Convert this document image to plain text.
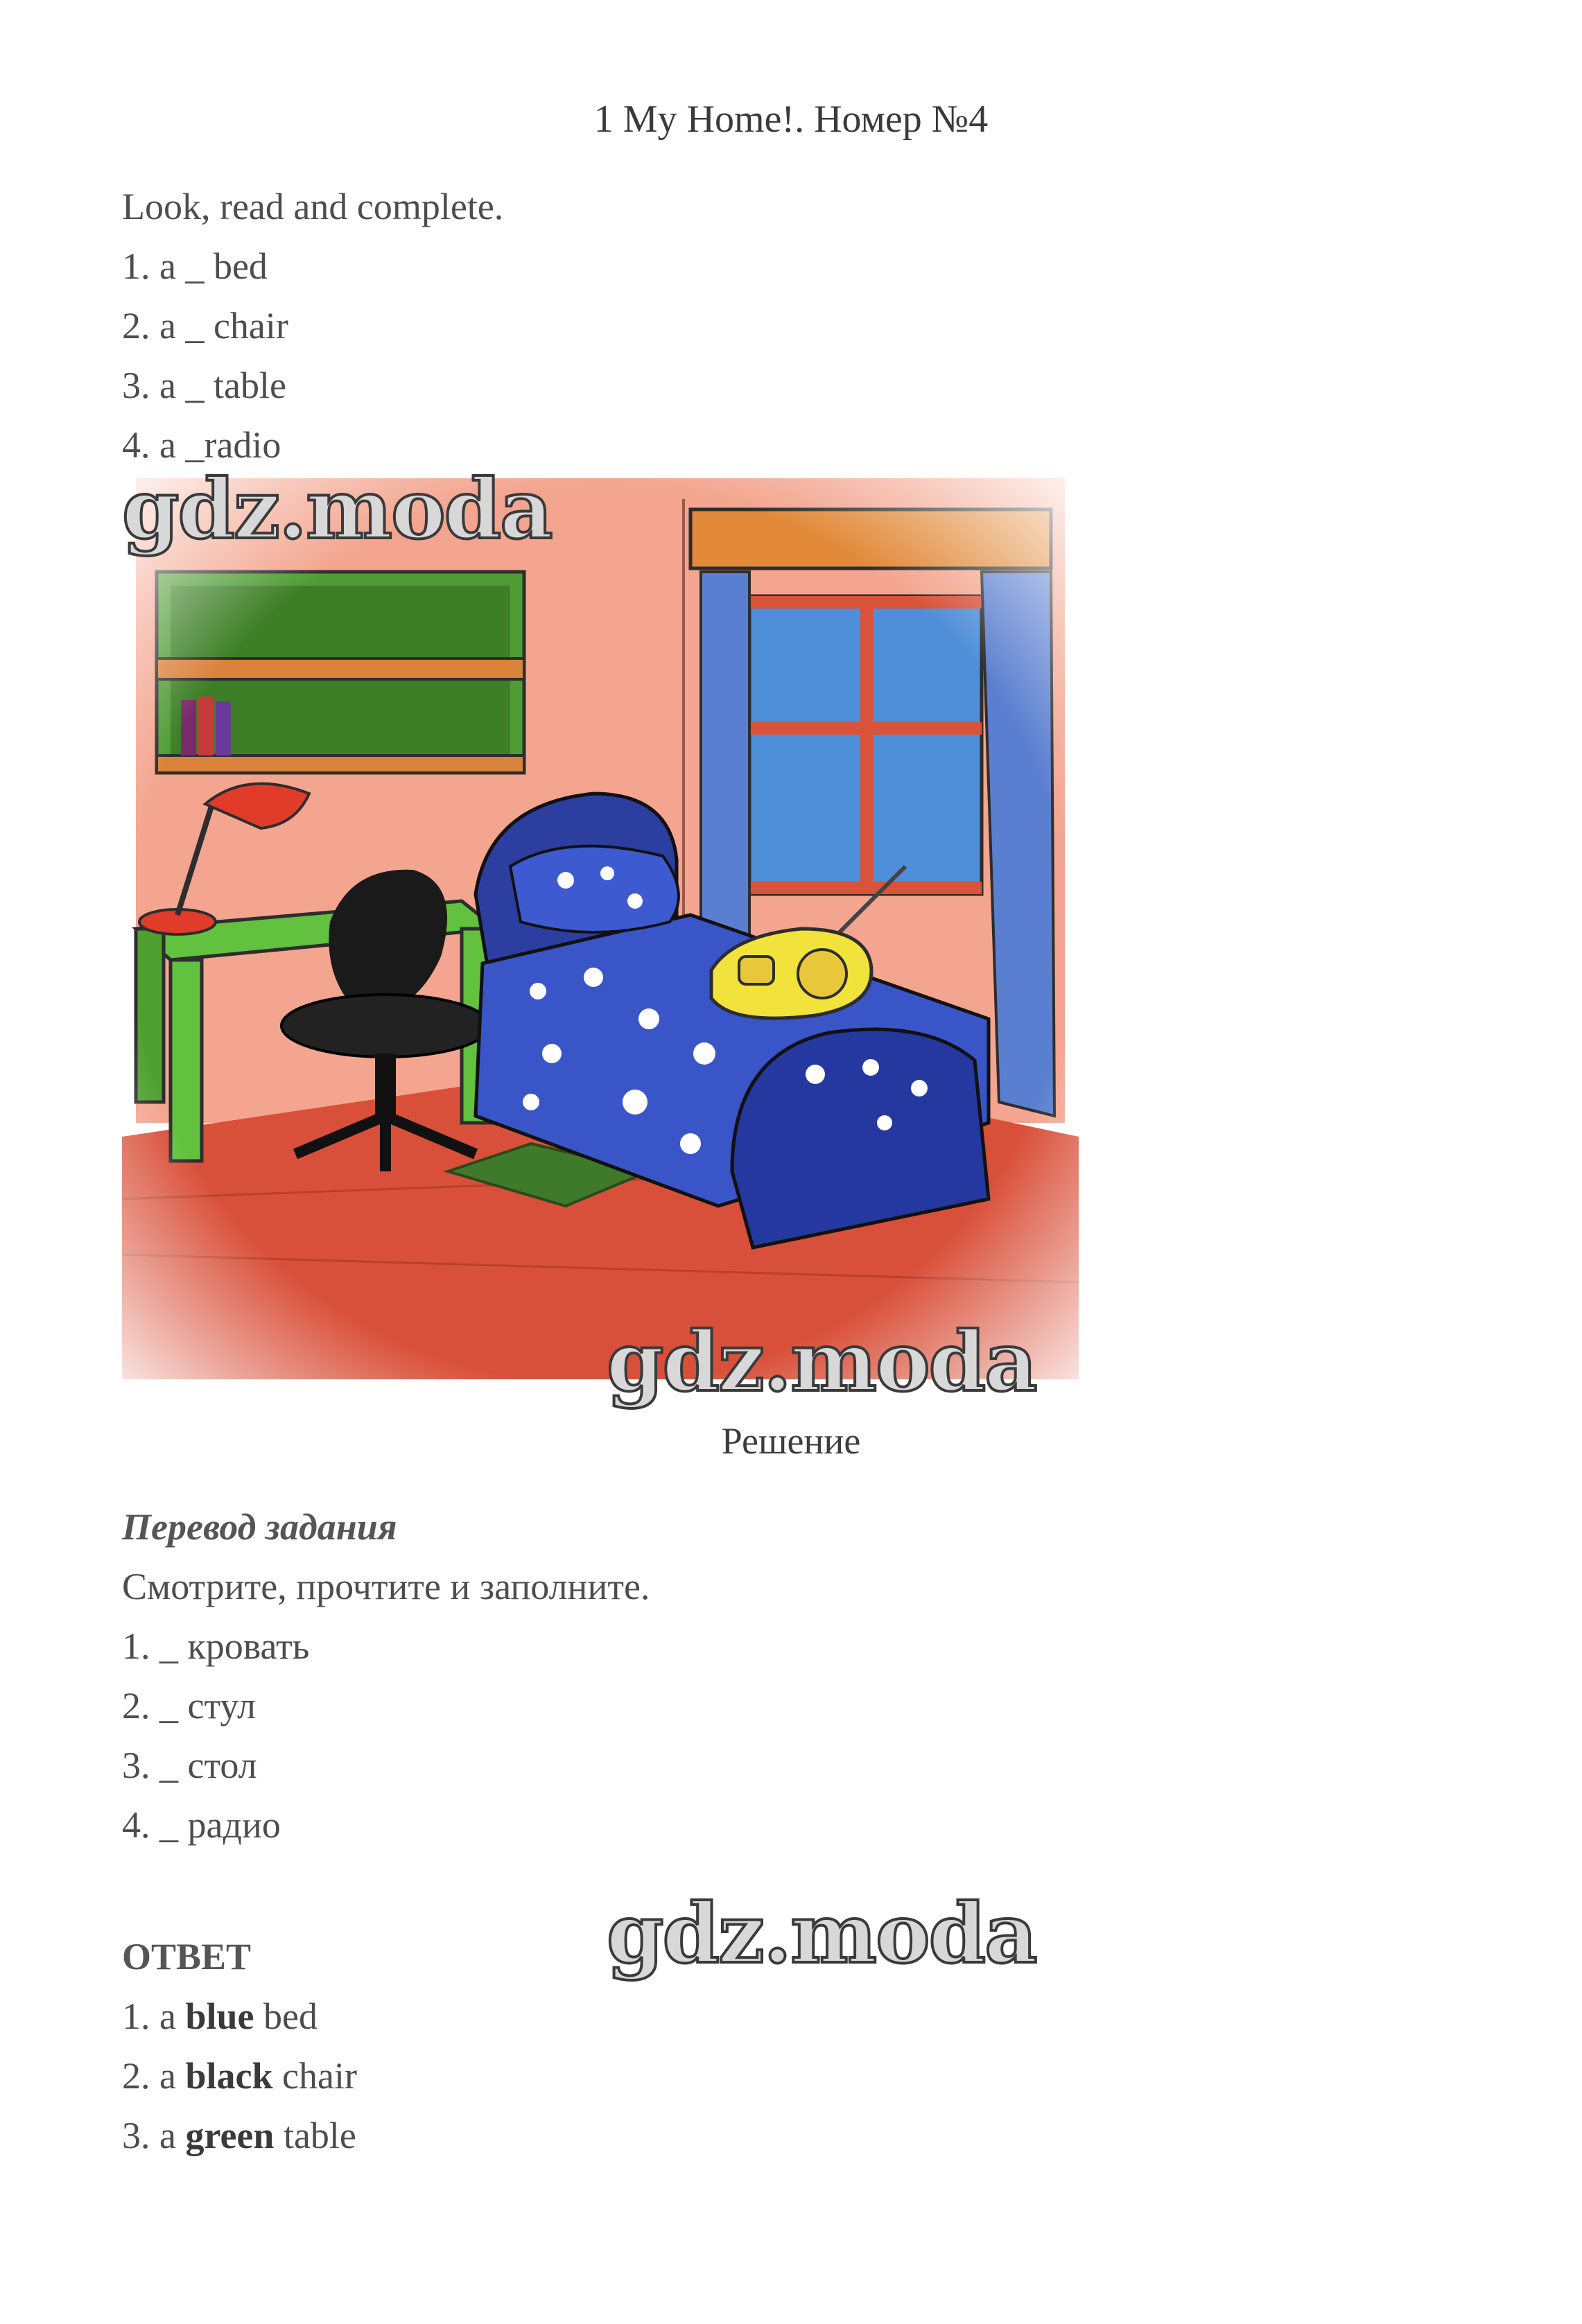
1 My Home!. Номер №4
Look, read and complete.
1. a _ bed
2. a _ chair
3. a _ table
4. a _radio
gdz.moda
gdz.moda
Решение
Перевод задания
Смотрите, прочтите и заполните.
1. _ кровать
2. _ стул
3. _ стол
4. _ радио
gdz.moda
ОТВЕТ
1. a blue bed
2. a black chair
3. a green table
